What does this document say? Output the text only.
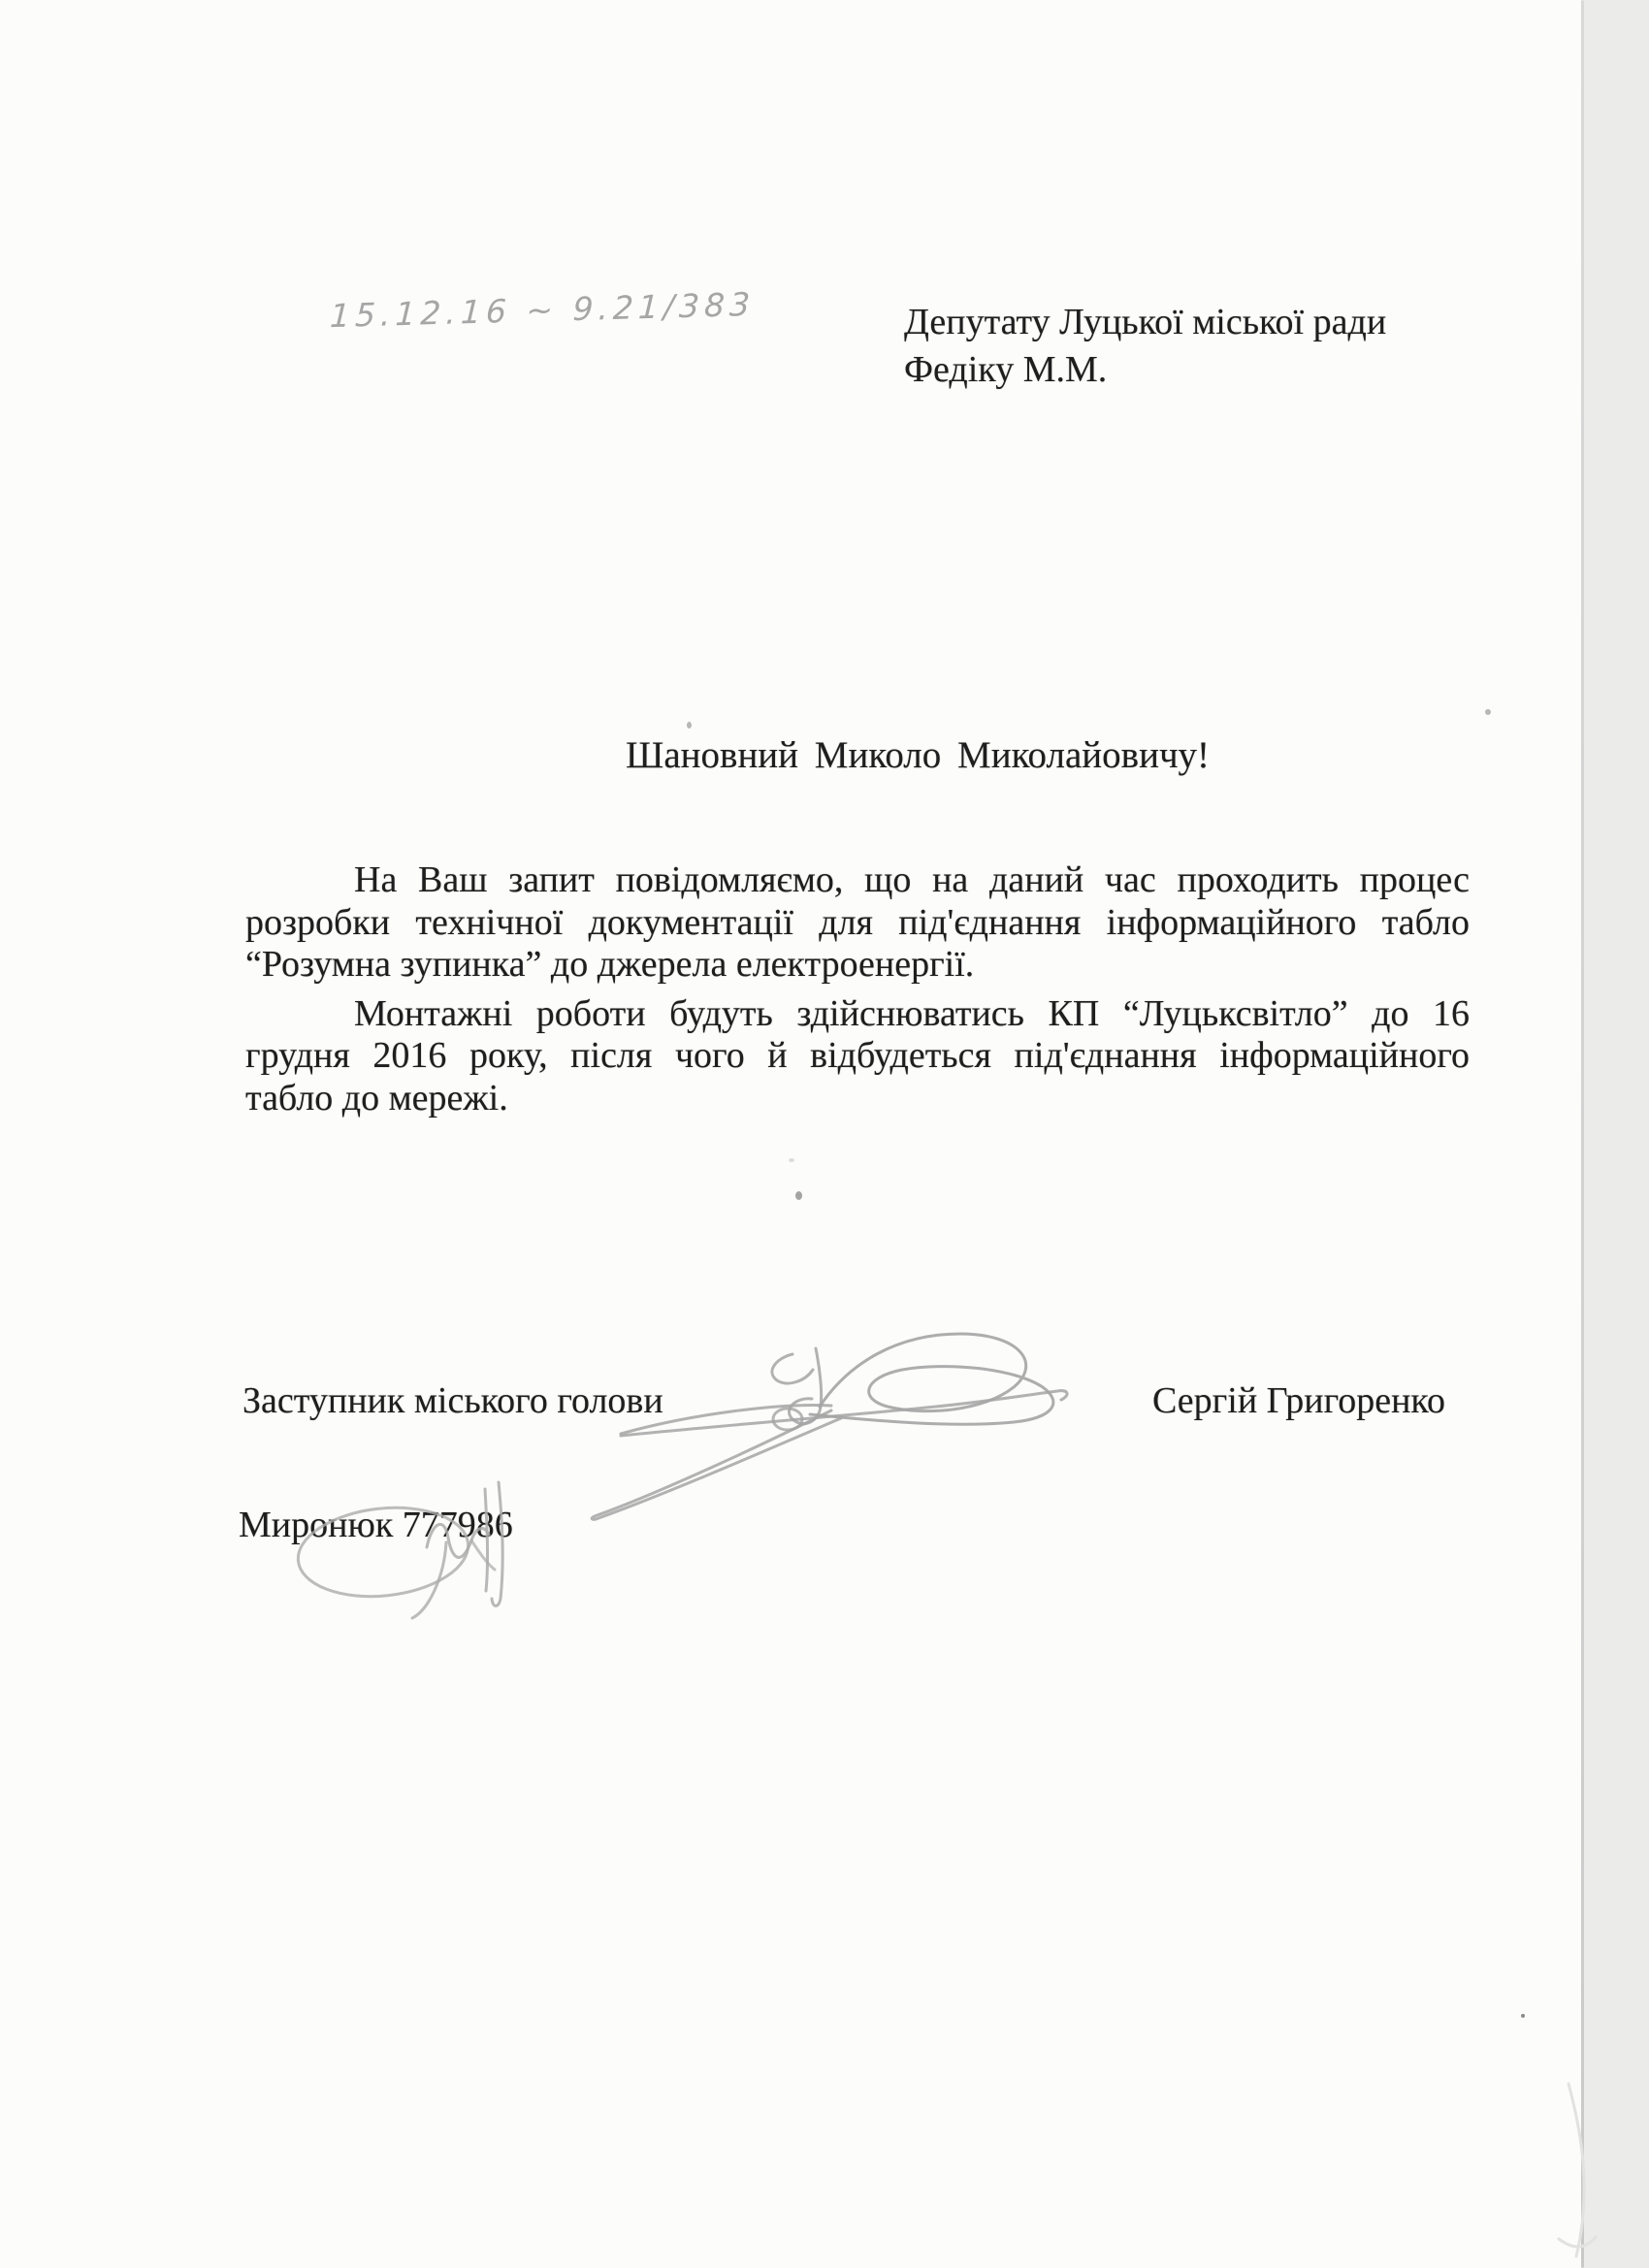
15.12.16 ~ 9.21/383	Депутату Луцької міської ради
Федіку М.М.
Шановний Миколо Миколайовичу!
На Ваш запит повідомляємо, що на даний час проходить процес
розробки технічної документації для під'єднання інформаційного табло
“Розумна зупинка” до джерела електроенергії.
Монтажні роботи будуть здійснюватись КП “Луцьксвітло” до 16
грудня 2016 року, після чого й відбудеться під'єднання інформаційного
табло до мережі.
Заступник міського голови	Сергій Григоренко
Миронюк 777986
